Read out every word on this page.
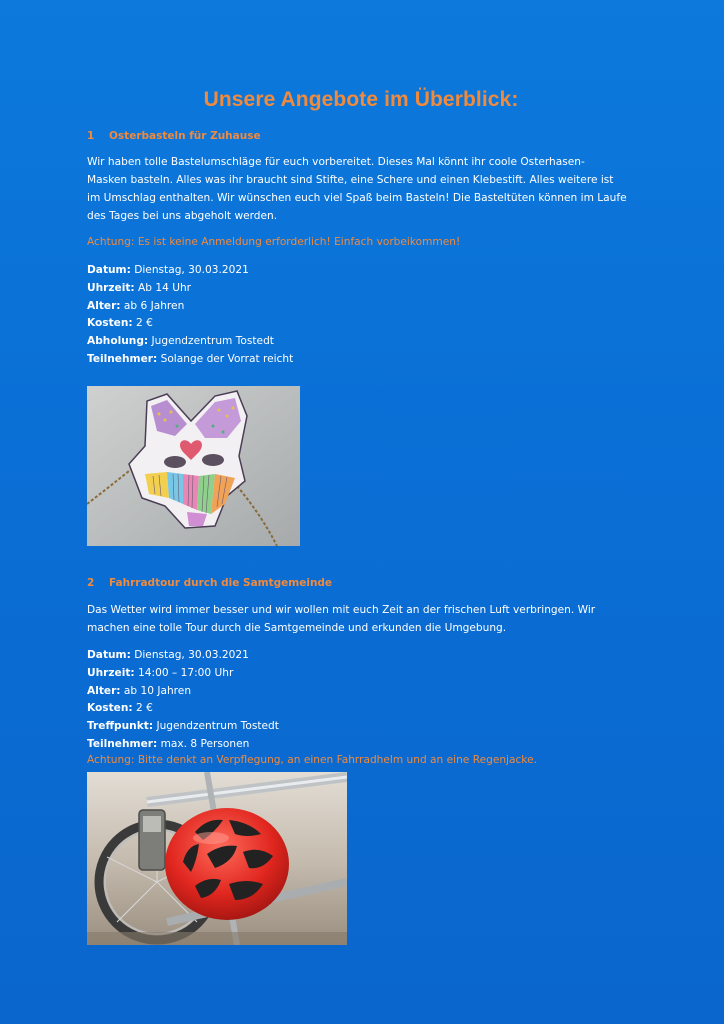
Unsere Angebote im Überblick:
1 Osterbasteln für Zuhause
Wir haben tolle Bastelumschläge für euch vorbereitet. Dieses Mal könnt ihr coole Osterhasen-
Masken basteln. Alles was ihr braucht sind Stifte, eine Schere und einen Klebestift. Alles weitere ist
im Umschlag enthalten. Wir wünschen euch viel Spaß beim Basteln! Die Basteltüten können im Laufe
des Tages bei uns abgeholt werden.
Achtung: Es ist keine Anmeldung erforderlich! Einfach vorbeikommen!
Datum: Dienstag, 30.03.2021
Uhrzeit: Ab 14 Uhr
Alter: ab 6 Jahren
Kosten: 2 €
Abholung: Jugendzentrum Tostedt
Teilnehmer: Solange der Vorrat reicht
2 Fahrradtour durch die Samtgemeinde
Das Wetter wird immer besser und wir wollen mit euch Zeit an der frischen Luft verbringen. Wir
machen eine tolle Tour durch die Samtgemeinde und erkunden die Umgebung.
Datum: Dienstag, 30.03.2021
Uhrzeit: 14:00 – 17:00 Uhr
Alter: ab 10 Jahren
Kosten: 2 €
Treffpunkt: Jugendzentrum Tostedt
Teilnehmer: max. 8 Personen
Achtung: Bitte denkt an Verpflegung, an einen Fahrradhelm und an eine Regenjacke.
